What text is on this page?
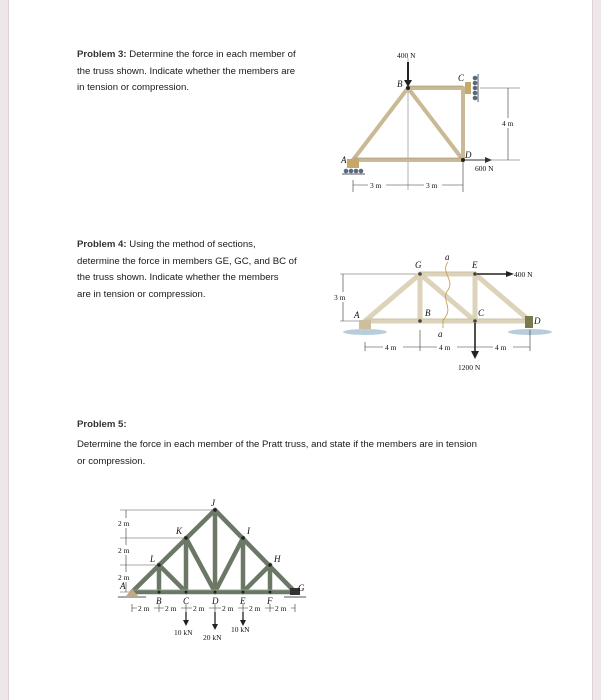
Problem 3: Determine the force in each member of
the truss shown. Indicate whether the members are
in tension or compression.
400 N
600 N
A
B
C
D
3 m	3 m
4 m
Problem 4: Using the method of sections,
determine the force in members GE, GC, and BC of
the truss shown. Indicate whether the members
are in tension or compression.	3 m
a
a
400 N
1200 N
A	B	C
D
E
G
4 m	4 m	4 m
Problem 5:
Determine the force in each member of the Pratt truss, and state if the members are in tension
or compression.
2 m
2 m
2 m
A
B C	D E F
G
H
I
J
K
L
2 m 2 m 2 m 2 m 2 m 2 m
10 kN
20 kN
10 kN
